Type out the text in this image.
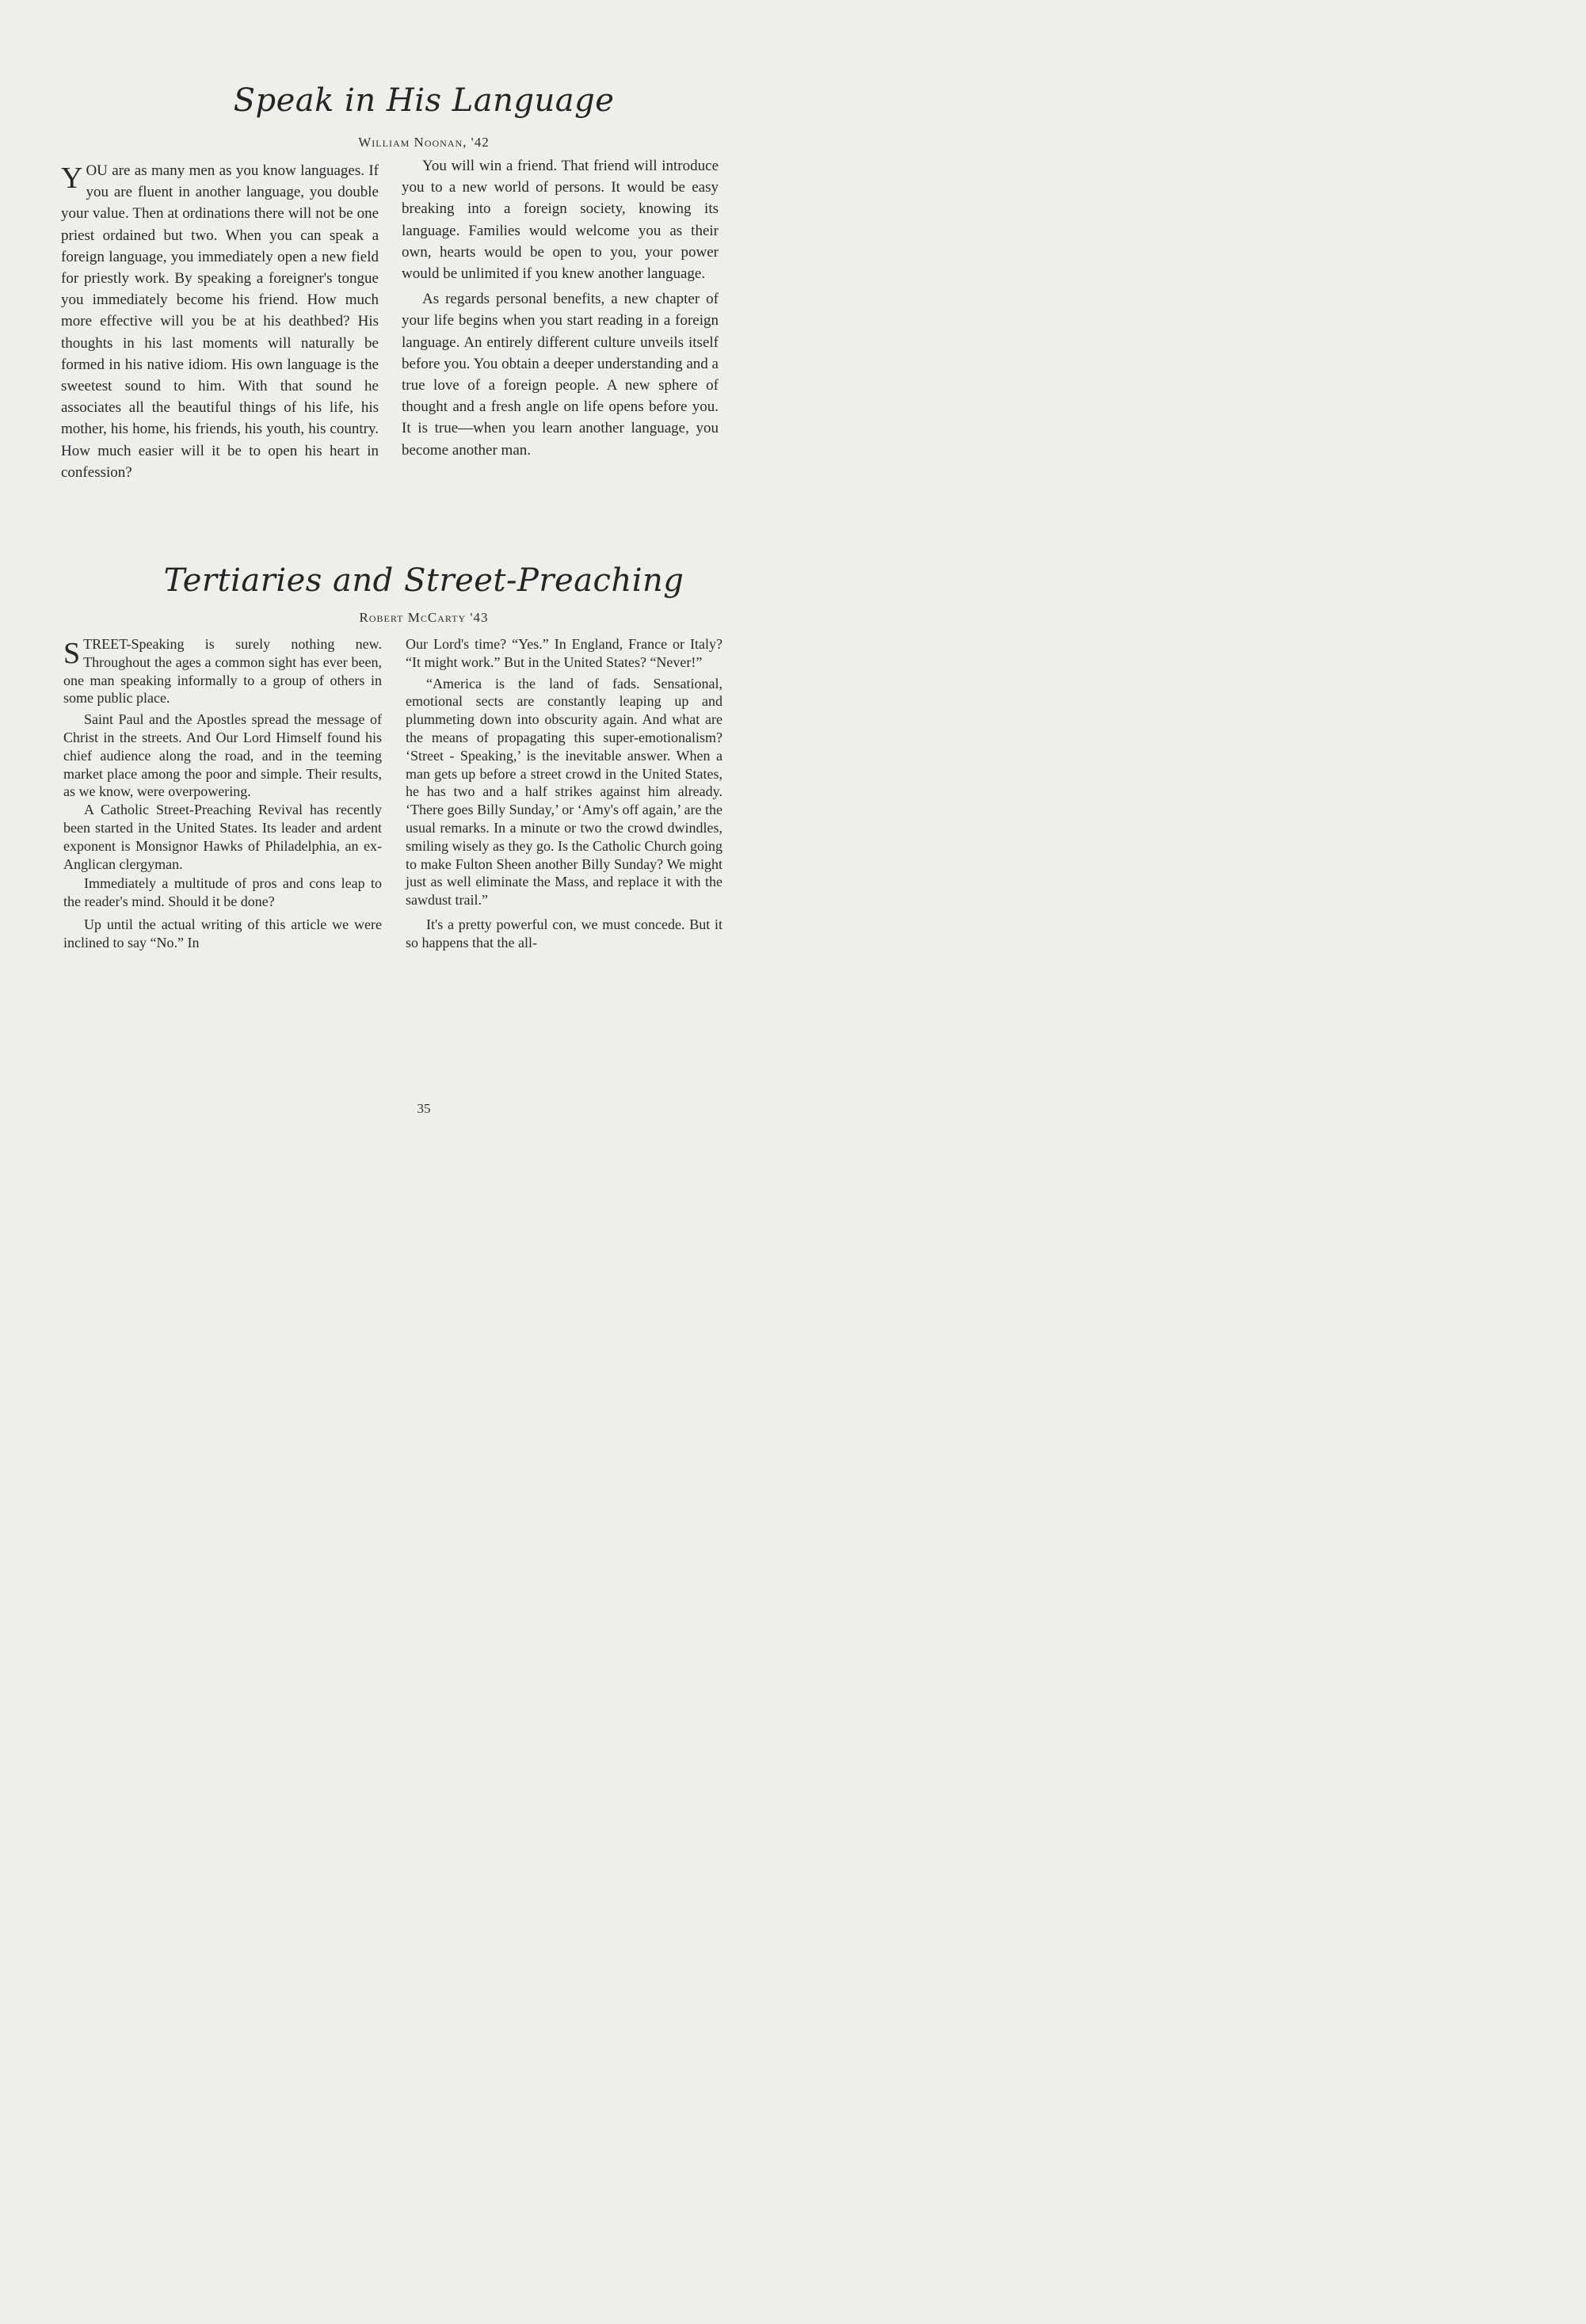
Speak in His Language
William Noonan, '42

YOU are as many men as you know languages. If you are fluent in another language, you double your value. Then at ordinations there will not be one priest ordained but two. When you can speak a foreign language, you immediately open a new field for priestly work. By speaking a foreigner's tongue you immediately become his friend. How much more effective will you be at his deathbed? His thoughts in his last moments will naturally be formed in his native idiom. His own language is the sweetest sound to him. With that sound he associates all the beautiful things of his life, his mother, his home, his friends, his youth, his country. How much easier will it be to open his heart in confession?

You will win a friend. That friend will introduce you to a new world of persons. It would be easy breaking into a foreign society, knowing its language. Families would welcome you as their own, hearts would be open to you, your power would be unlimited if you knew another language.

As regards personal benefits, a new chapter of your life begins when you start reading in a foreign language. An entirely different culture unveils itself before you. You obtain a deeper understanding and a true love of a foreign people. A new sphere of thought and a fresh angle on life opens before you. It is true—when you learn another language, you become another man.

Tertiaries and Street-Preaching
Robert McCarty '43

STREET-Speaking is surely nothing new. Throughout the ages a common sight has ever been, one man speaking informally to a group of others in some public place.

Saint Paul and the Apostles spread the message of Christ in the streets. And Our Lord Himself found his chief audience along the road, and in the teeming market place among the poor and simple. Their results, as we know, were overpowering.

A Catholic Street-Preaching Revival has recently been started in the United States. Its leader and ardent exponent is Monsignor Hawks of Philadelphia, an ex-Anglican clergyman.

Immediately a multitude of pros and cons leap to the reader's mind. Should it be done?

Up until the actual writing of this article we were inclined to say “No.” In

Our Lord's time? “Yes.” In England, France or Italy? “It might work.” But in the United States? “Never!”

“America is the land of fads. Sensational, emotional sects are constantly leaping up and plummeting down into obscurity again. And what are the means of propagating this super-emotionalism? ‘Street - Speaking,’ is the inevitable answer. When a man gets up before a street crowd in the United States, he has two and a half strikes against him already. ‘There goes Billy Sunday,’ or ‘Amy's off again,’ are the usual remarks. In a minute or two the crowd dwindles, smiling wisely as they go. Is the Catholic Church going to make Fulton Sheen another Billy Sunday? We might just as well eliminate the Mass, and replace it with the sawdust trail.”

It's a pretty powerful con, we must concede. But it so happens that the all-

35
